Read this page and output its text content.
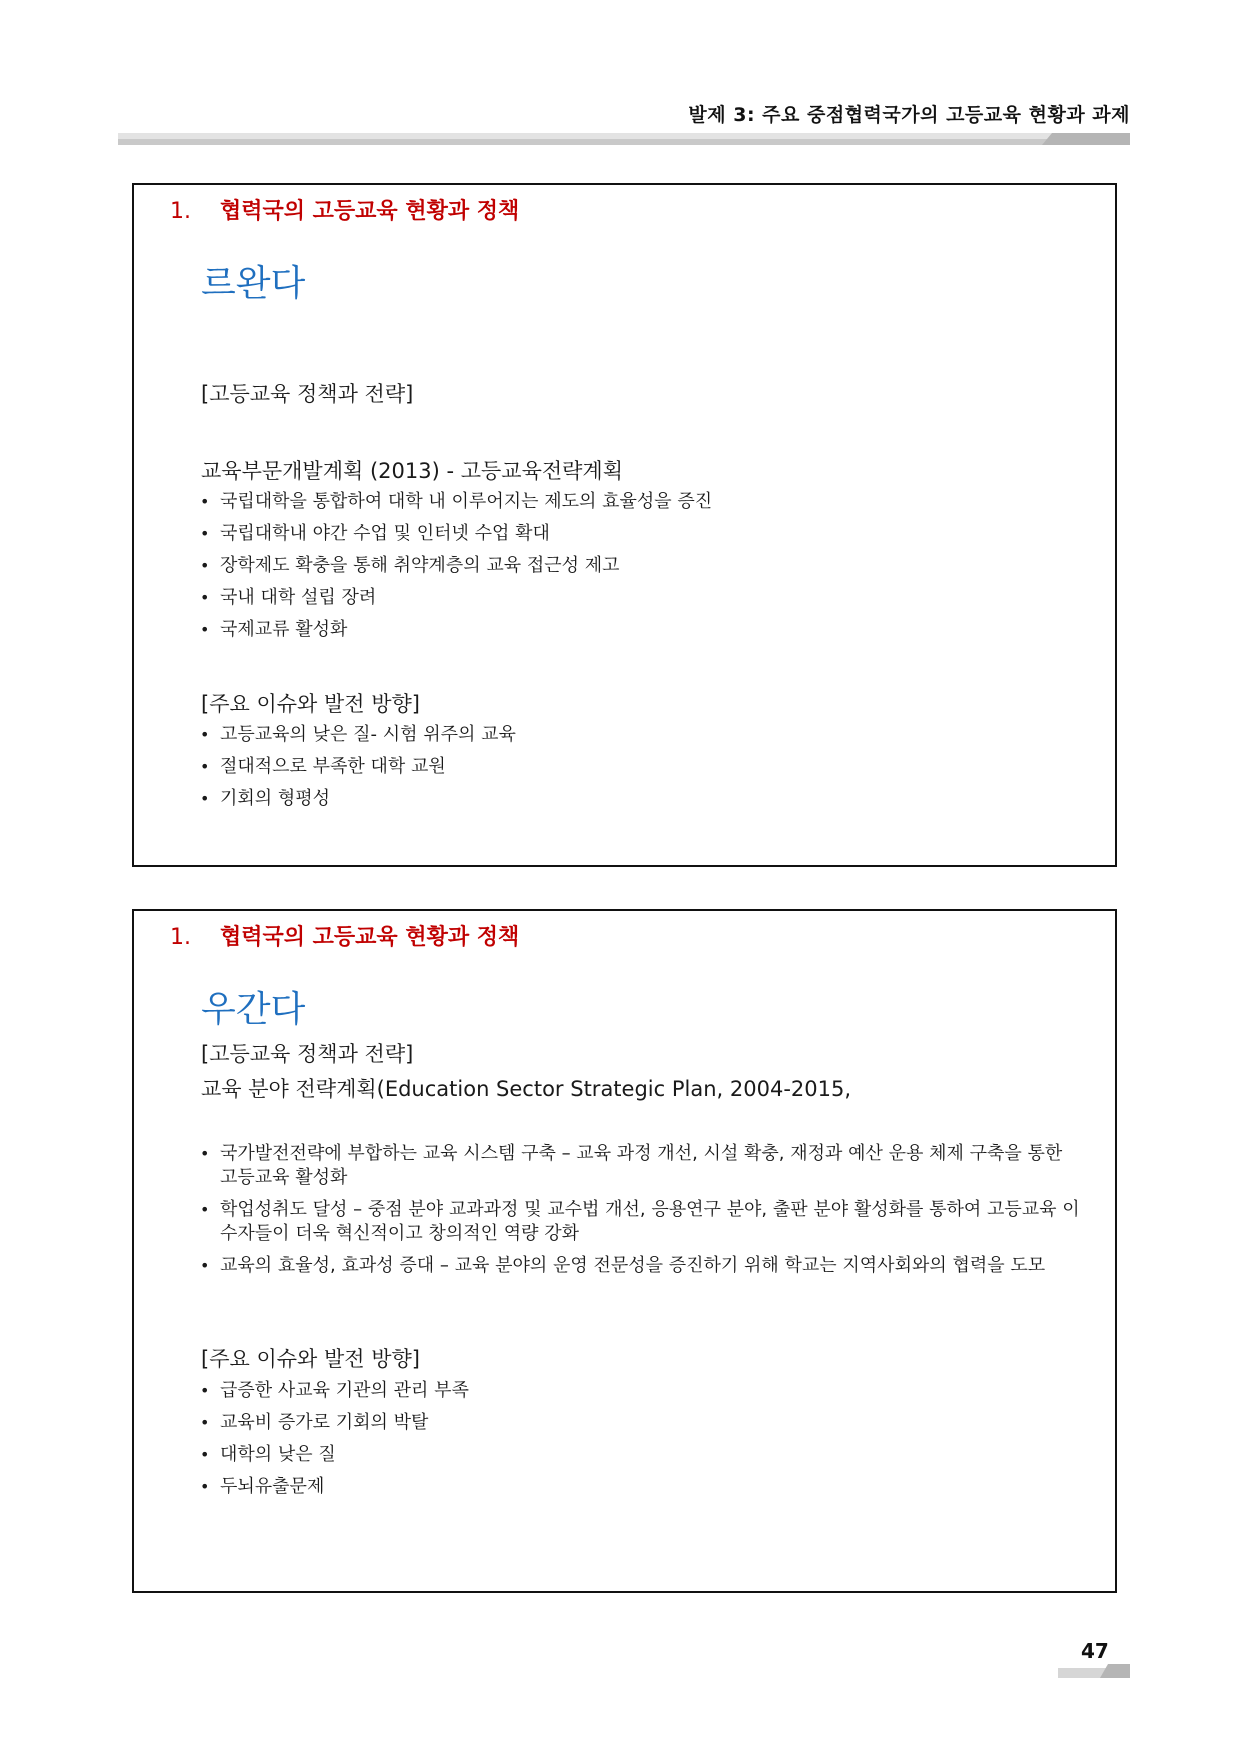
발제 3: 주요 중점협력국가의 고등교육 현황과 과제
1. 협력국의 고등교육 현황과 정책
르완다
[고등교육 정책과 전략]
교육부문개발계획 (2013) - 고등교육전략계획
• 국립대학을 통합하여 대학 내 이루어지는 제도의 효율성을 증진
• 국립대학내 야간 수업 및 인터넷 수업 확대
• 장학제도 확충을 통해 취약계층의 교육 접근성 제고
• 국내 대학 설립 장려
• 국제교류 활성화
[주요 이슈와 발전 방향]
• 고등교육의 낮은 질- 시험 위주의 교육
• 절대적으로 부족한 대학 교원
• 기회의 형평성
1. 협력국의 고등교육 현황과 정책
우간다
[고등교육 정책과 전략]
교육 분야 전략계획(Education Sector Strategic Plan, 2004-2015,
• 국가발전전략에 부합하는 교육 시스템 구축 – 교육 과정 개선, 시설 확충, 재정과 예산 운용 체제 구축을 통한 고등교육 활성화
• 학업성취도 달성 – 중점 분야 교과과정 및 교수법 개선, 응용연구 분야, 출판 분야 활성화를 통하여 고등교육 이수자들이 더욱 혁신적이고 창의적인 역량 강화
• 교육의 효율성, 효과성 증대 – 교육 분야의 운영 전문성을 증진하기 위해 학교는 지역사회와의 협력을 도모
[주요 이슈와 발전 방향]
• 급증한 사교육 기관의 관리 부족
• 교육비 증가로 기회의 박탈
• 대학의 낮은 질
• 두뇌유출문제
47
